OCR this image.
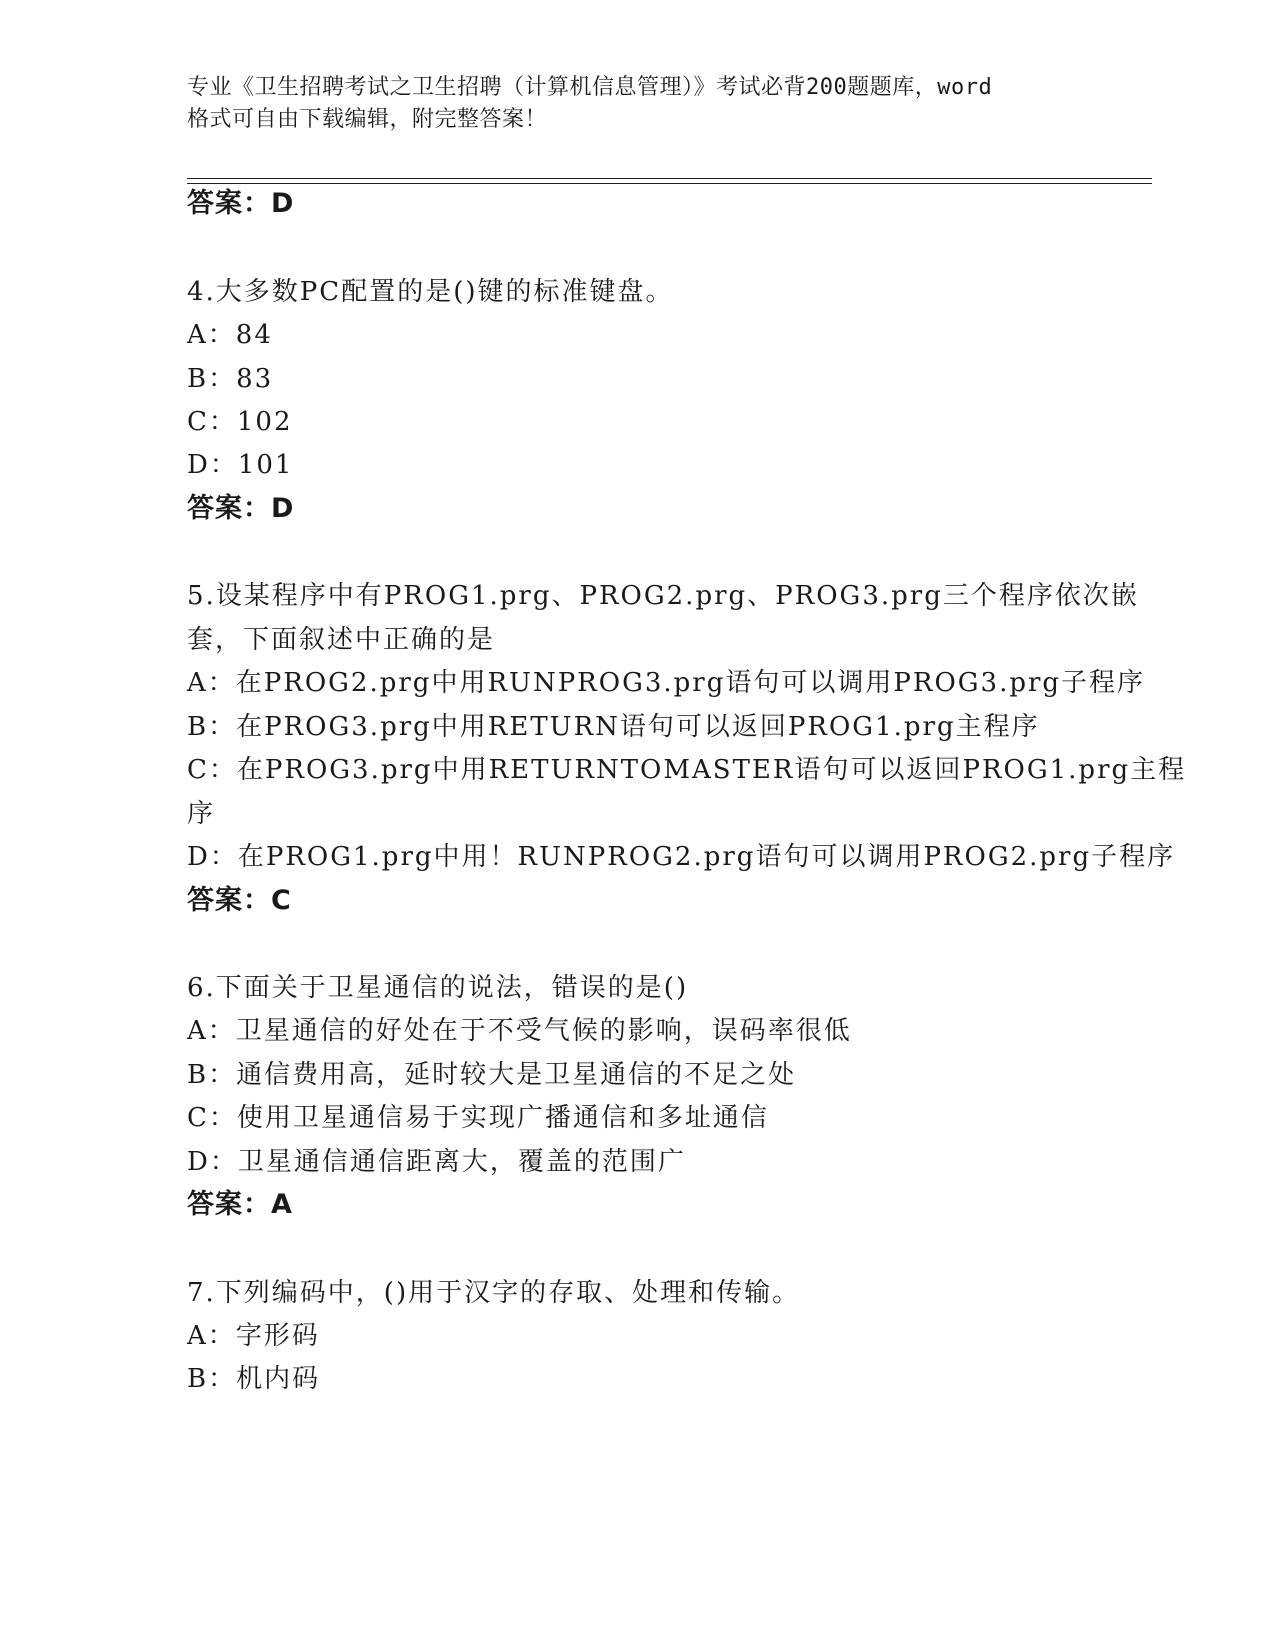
专业《卫生招聘考试之卫生招聘（计算机信息管理）》考试必背200题题库，word
格式可自由下载编辑，附完整答案！
答案：D
4.大多数PC配置的是()键的标准键盘。
A：84
B：83
C：102
D：101
答案：D
5.设某程序中有PROG1.prg、PROG2.prg、PROG3.prg三个程序依次嵌
套，下面叙述中正确的是
A：在PROG2.prg中用RUNPROG3.prg语句可以调用PROG3.prg子程序
B：在PROG3.prg中用RETURN语句可以返回PROG1.prg主程序
C：在PROG3.prg中用RETURNTOMASTER语句可以返回PROG1.prg主程
序
D：在PROG1.prg中用！RUNPROG2.prg语句可以调用PROG2.prg子程序
答案：C
6.下面关于卫星通信的说法，错误的是()
A：卫星通信的好处在于不受气候的影响，误码率很低
B：通信费用高，延时较大是卫星通信的不足之处
C：使用卫星通信易于实现广播通信和多址通信
D：卫星通信通信距离大，覆盖的范围广
答案：A
7.下列编码中，()用于汉字的存取、处理和传输。
A：字形码
B：机内码
